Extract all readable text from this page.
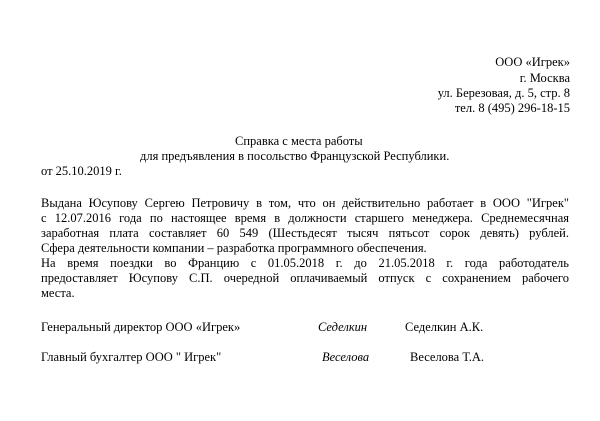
ООО «Игрек»
г. Москва
ул. Березовая, д. 5, стр. 8
тел. 8 (495) 296-18-15
Справка с места работы
для предъявления в посольство Французской Республики.
от 25.10.2019 г.
Выдана Юсупову Сергею Петровичу в том, что он действительно работает в ООО "Игрек"
с 12.07.2016 года по настоящее время в должности старшего менеджера. Среднемесячная
заработная плата составляет 60 549 (Шестьдесят тысяч пятьсот сорок девять) рублей.
Сфера деятельности компании – разработка программного обеспечения.
На время поездки во Францию с 01.05.2018 г. до 21.05.2018 г. года работодатель
предоставляет Юсупову С.П. очередной оплачиваемый отпуск с сохранением рабочего
места.
Генеральный директор ООО «Игрек»	Седелкин	Седелкин А.К.
Главный бухгалтер ООО " Игрек"	Веселова	Веселова Т.А.
